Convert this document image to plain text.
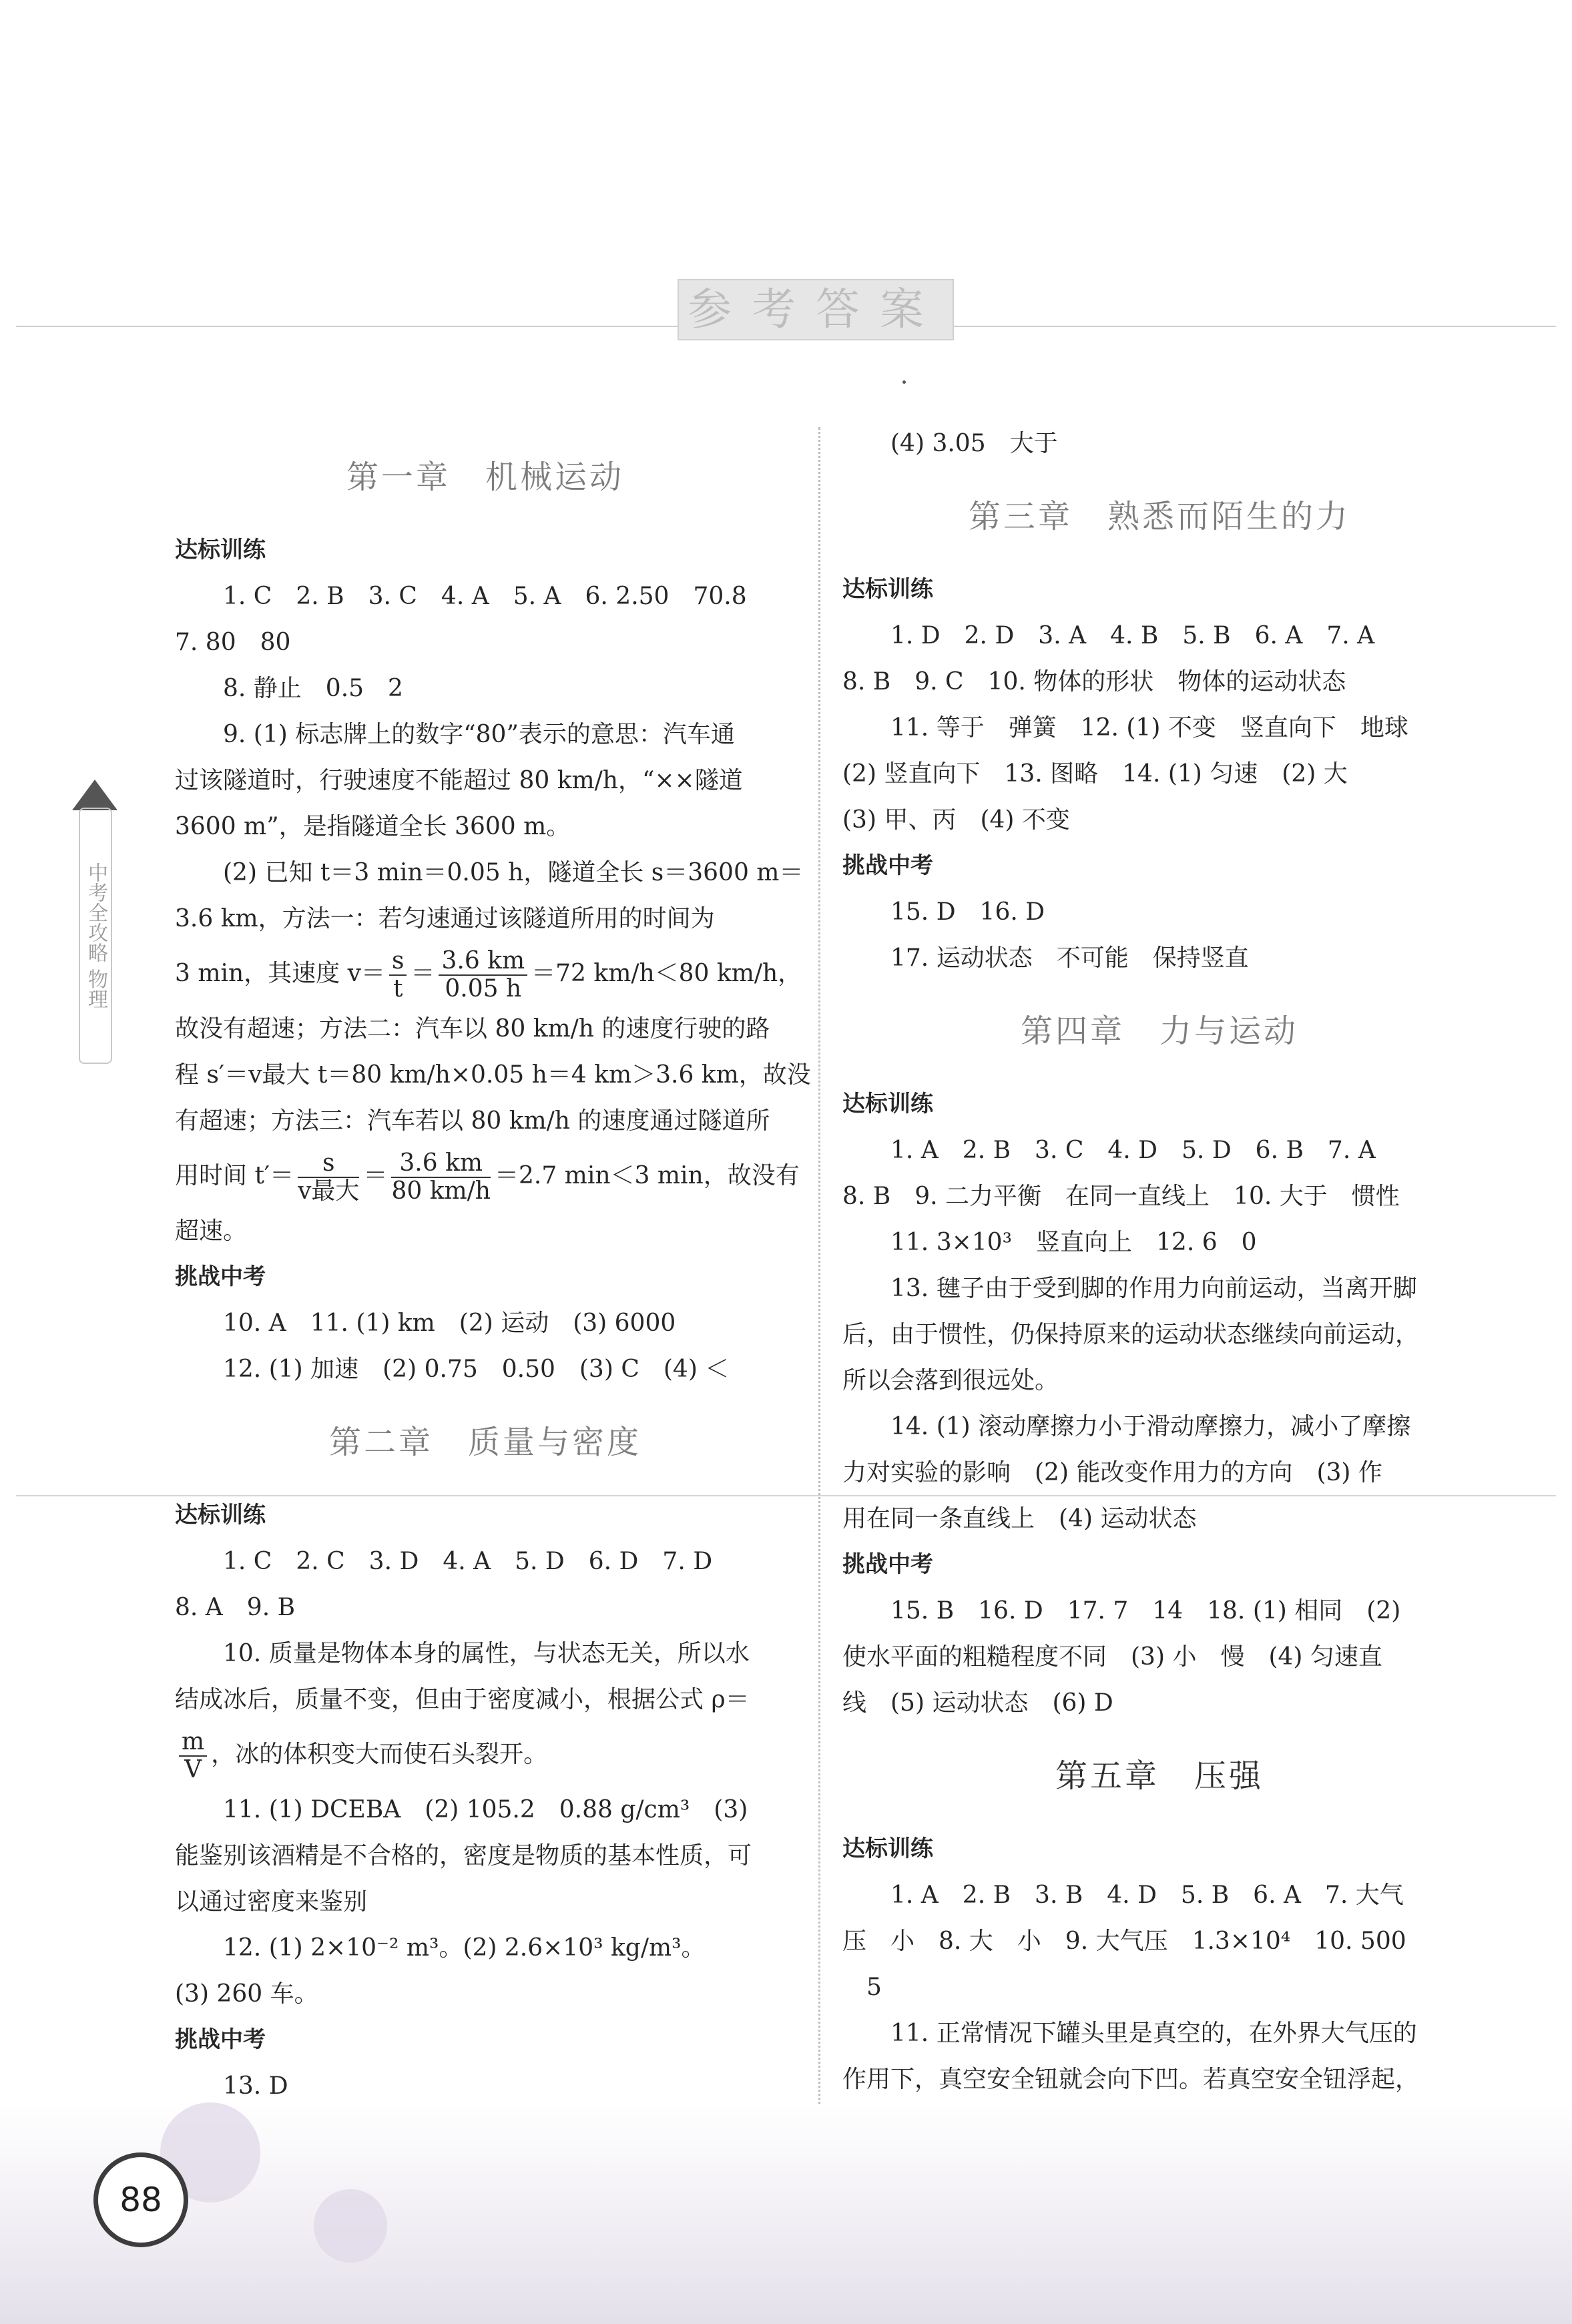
参考答案
中考全攻略 物理

第一章　机械运动

达标训练

1. C　2. B　3. C　4. A　5. A　6. 2.50　70.8

7. 80　80

8. 静止　0.5　2

9. (1) 标志牌上的数字“80”表示的意思：汽车通

过该隧道时，行驶速度不能超过 80 km/h，“××隧道

3600 m”，是指隧道全长 3600 m。

(2) 已知 t＝3 min＝0.05 h，隧道全长 s＝3600 m＝

3.6 km，方法一：若匀速通过该隧道所用的时间为

3 min，其速度 $v= \frac{s}{t} = \frac{3.6 km}{0.05 h} =72$ km/h＜80 km/h，

故没有超速；方法二：汽车以 80 km/h 的速度行驶的路

程 s′＝v最大 t＝80 km/h×0.05 h＝4 km＞3.6 km，故没

有超速；方法三：汽车若以 80 km/h 的速度通过隧道所

用时间 $t'= \frac{s}{\text{v最大}} = \frac{3.6 km}{80 km/h} =2.7$ min＜3 min，故没有

超速。

挑战中考

10. A　11. (1) km　(2) 运动　(3) 6000

12. (1) 加速　(2) 0.75　0.50　(3) C　(4) ＜

第二章　质量与密度

达标训练

1. C　2. C　3. D　4. A　5. D　6. D　7. D

8. A　9. B

10. 质量是物体本身的属性，与状态无关，所以水

结成冰后，质量不变，但由于密度减小，根据公式 ρ＝

$\frac{m}{V}$ ，冰的体积变大而使石头裂开。

11. (1) DCEBA　(2) 105.2　0.88 g/cm³　(3)

能鉴别该酒精是不合格的，密度是物质的基本性质，可

以通过密度来鉴别

12. (1) 2×10⁻² m³。(2) 2.6×10³ kg/m³。

(3) 260 车。

挑战中考

13. D

(4) 3.05　大于

第三章　熟悉而陌生的力

达标训练

1. D　2. D　3. A　4. B　5. B　6. A　7. A

8. B　9. C　10. 物体的形状　物体的运动状态

11. 等于　弹簧　12. (1) 不变　竖直向下　地球

(2) 竖直向下　13. 图略　14. (1) 匀速　(2) 大

(3) 甲、丙　(4) 不变

挑战中考

15. D　16. D

17. 运动状态　不可能　保持竖直

第四章　力与运动

达标训练

1. A　2. B　3. C　4. D　5. D　6. B　7. A

8. B　9. 二力平衡　在同一直线上　10. 大于　惯性

11. 3×10³　竖直向上　12. 6　0

13. 毽子由于受到脚的作用力向前运动，当离开脚

后，由于惯性，仍保持原来的运动状态继续向前运动，

所以会落到很远处。

14. (1) 滚动摩擦力小于滑动摩擦力，减小了摩擦

力对实验的影响　(2) 能改变作用力的方向　(3) 作

用在同一条直线上　(4) 运动状态

挑战中考

15. B　16. D　17. 7　14　18. (1) 相同　(2)

使水平面的粗糙程度不同　(3) 小　慢　(4) 匀速直

线　(5) 运动状态　(6) D

第五章　压强

达标训练

1. A　2. B　3. B　4. D　5. B　6. A　7. 大气

压　小　8. 大　小　9. 大气压　1.3×10⁴　10. 500

　5

11. 正常情况下罐头里是真空的，在外界大气压的

作用下，真空安全钮就会向下凹。若真空安全钮浮起，

88
